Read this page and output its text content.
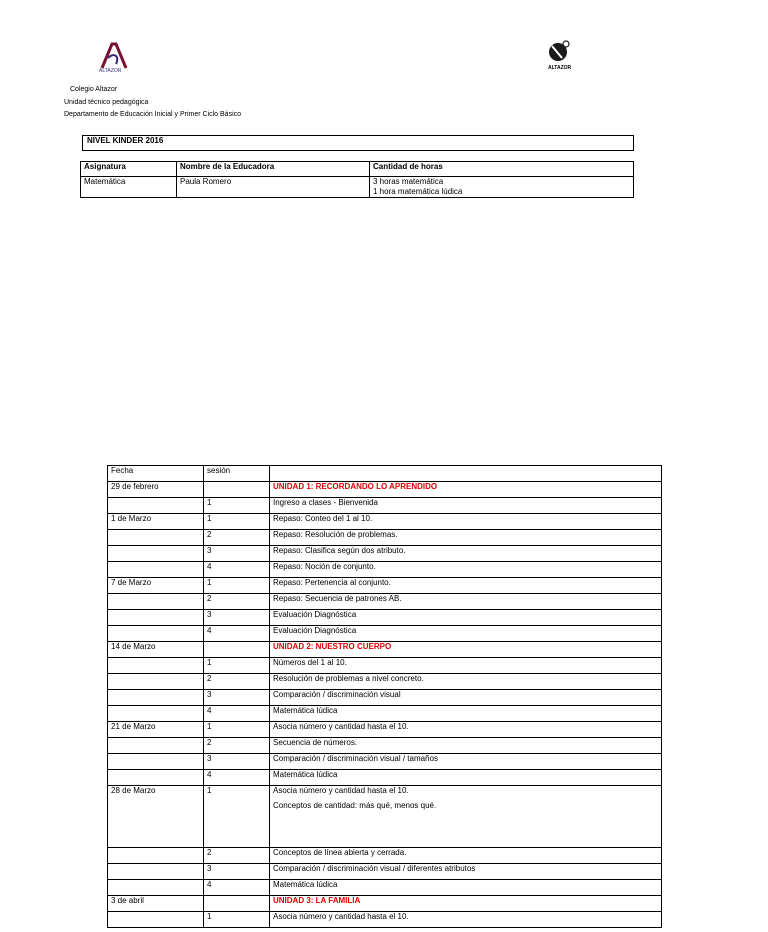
ALTAZOR	ALTAZOR
Colegio Altazor
Unidad técnico pedagógica
Departamento de Educación Inicial y Primer Ciclo Básico
NIVEL KINDER 2016
Asignatura	Nombre de la Educadora	Cantidad de horas
Matemática	Paula Romero	3 horas matemática
1 hora matemática lúdica
Fecha	sesión	
29 de febrero		UNIDAD 1: RECORDANDO LO APRENDIDO
	1	Ingreso a clases - Bienvenida
1 de Marzo	1	Repaso: Conteo del 1 al 10.
	2	Repaso: Resolución de problemas.
	3	Repaso: Clasifica según dos atributo.
	4	Repaso: Noción de conjunto.
7 de Marzo	1	Repaso: Pertenencia al conjunto.
	2	Repaso: Secuencia de patrones AB.
	3	Evaluación Diagnóstica
	4	Evaluación Diagnóstica
14 de Marzo		UNIDAD 2: NUESTRO CUERPO
	1	Números del 1 al 10.
	2	Resolución de problemas a nivel concreto.
	3	Comparación / discriminación visual
	4	Matemática lúdica
21 de Marzo	1	Asocia número y cantidad hasta el 10.
	2	Secuencia de números.
	3	Comparación / discriminación visual / tamaños
	4	Matemática lúdica
28 de Marzo	1	Asocia número y cantidad hasta el 10.
Conceptos de cantidad: más qué, menos qué.

	2	Conceptos de línea abierta y cerrada.
	3	Comparación / discriminación visual / diferentes atributos
	4	Matemática lúdica
3 de abril		UNIDAD 3: LA FAMILIA
	1	Asocia número y cantidad hasta el 10.
